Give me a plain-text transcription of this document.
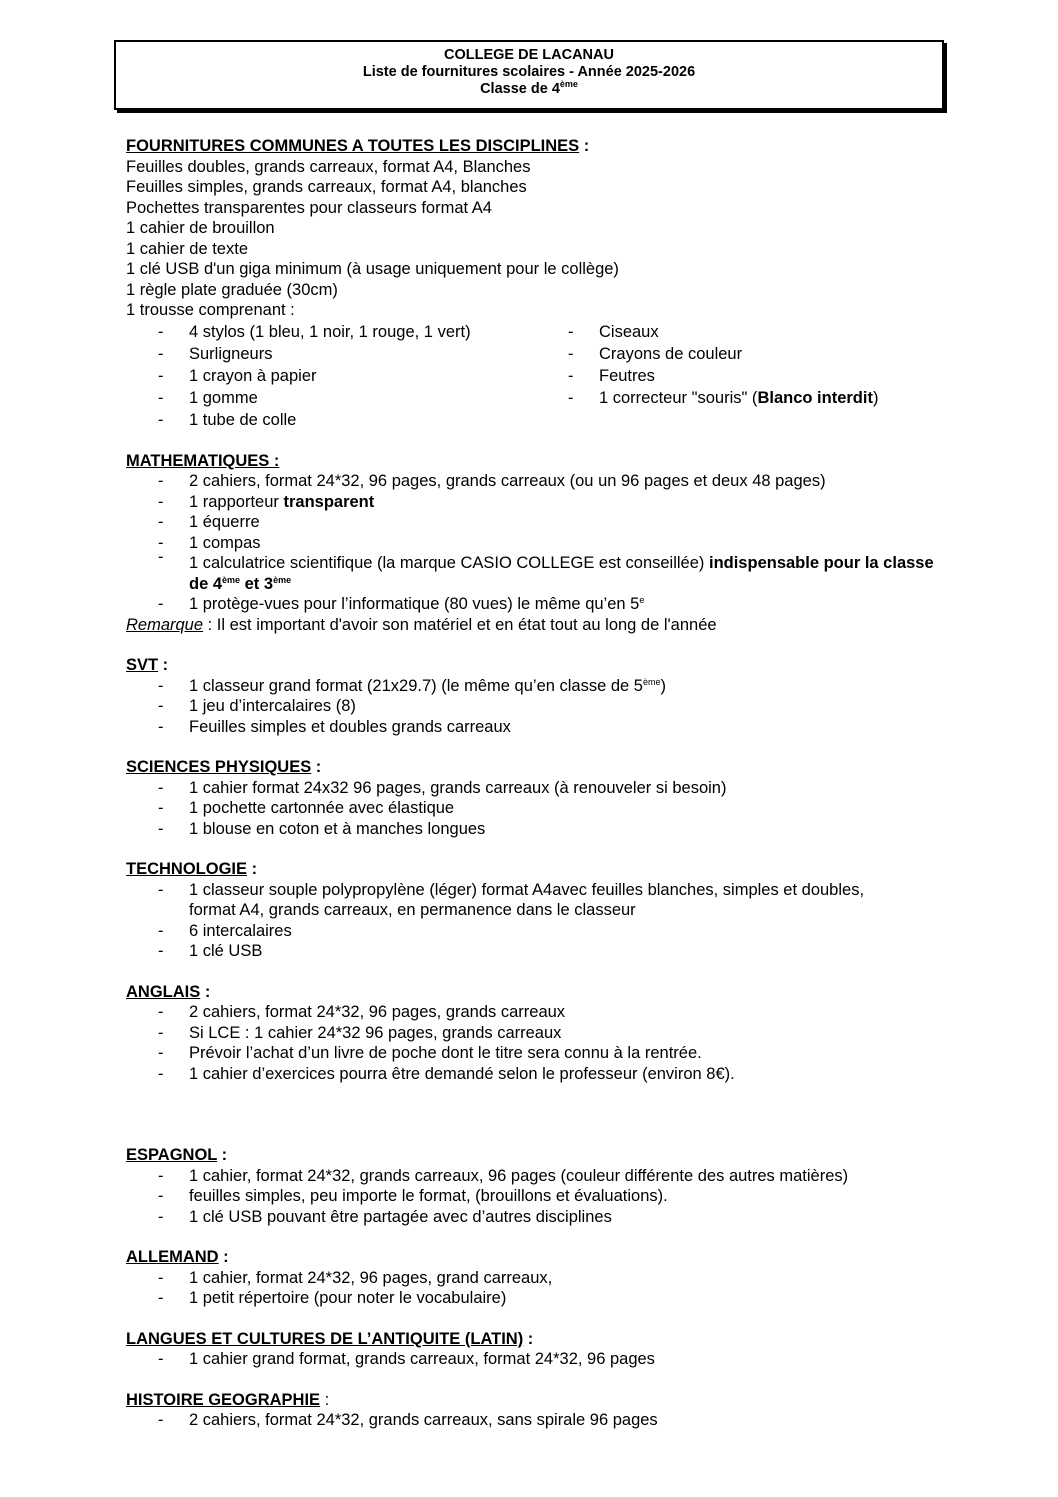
COLLEGE DE LACANAU
Liste de fournitures scolaires - Année 2025-2026
Classe de 4ème

FOURNITURES COMMUNES A TOUTES LES DISCIPLINES :

Feuilles doubles, grands carreaux, format A4, Blanches

Feuilles simples, grands carreaux, format A4, blanches

Pochettes transparentes pour classeurs format A4

1 cahier de brouillon

1 cahier de texte

1 clé USB d'un giga minimum (à usage uniquement pour le collège)

1 règle plate graduée (30cm)

1 trousse comprenant :

- 4 stylos (1 bleu, 1 noir, 1 rouge, 1 vert)

- Surligneurs

- 1 crayon à papier

- 1 gomme

- 1 tube de colle

- Ciseaux

- Crayons de couleur

- Feutres

- 1 correcteur "souris" (Blanco interdit)

MATHEMATIQUES :

- 2 cahiers, format 24*32, 96 pages, grands carreaux (ou un 96 pages et deux 48 pages)

- 1 rapporteur transparent

- 1 équerre

- 1 compas

- 1 calculatrice scientifique (la marque CASIO COLLEGE est conseillée) indispensable pour la classe de 4ème et 3ème

- 1 protège-vues pour l’informatique (80 vues) le même qu’en 5e

Remarque : Il est important d'avoir son matériel et en état tout au long de l'année

SVT :

- 1 classeur grand format (21x29.7) (le même qu’en classe de 5ème)

- 1 jeu d’intercalaires (8)

- Feuilles simples et doubles grands carreaux

SCIENCES PHYSIQUES :

- 1 cahier format 24x32 96 pages, grands carreaux (à renouveler si besoin)

- 1 pochette cartonnée avec élastique

- 1 blouse en coton et à manches longues

TECHNOLOGIE :

- 1 classeur souple polypropylène (léger) format A4avec feuilles blanches, simples et doubles,

format A4, grands carreaux, en permanence dans le classeur

- 6 intercalaires

- 1 clé USB

ANGLAIS :

- 2 cahiers, format 24*32, 96 pages, grands carreaux

- Si LCE : 1 cahier 24*32 96 pages, grands carreaux

- Prévoir l’achat d’un livre de poche dont le titre sera connu à la rentrée.

- 1 cahier d’exercices pourra être demandé selon le professeur (environ 8€).

ESPAGNOL :

- 1 cahier, format 24*32, grands carreaux, 96 pages (couleur différente des autres matières)

- feuilles simples, peu importe le format, (brouillons et évaluations).

- 1 clé USB pouvant être partagée avec d’autres disciplines

ALLEMAND :

- 1 cahier, format 24*32, 96 pages, grand carreaux,

- 1 petit répertoire (pour noter le vocabulaire)

LANGUES ET CULTURES DE L’ANTIQUITE (LATIN) :

- 1 cahier grand format, grands carreaux, format 24*32, 96 pages

HISTOIRE GEOGRAPHIE :

- 2 cahiers, format 24*32, grands carreaux, sans spirale 96 pages
